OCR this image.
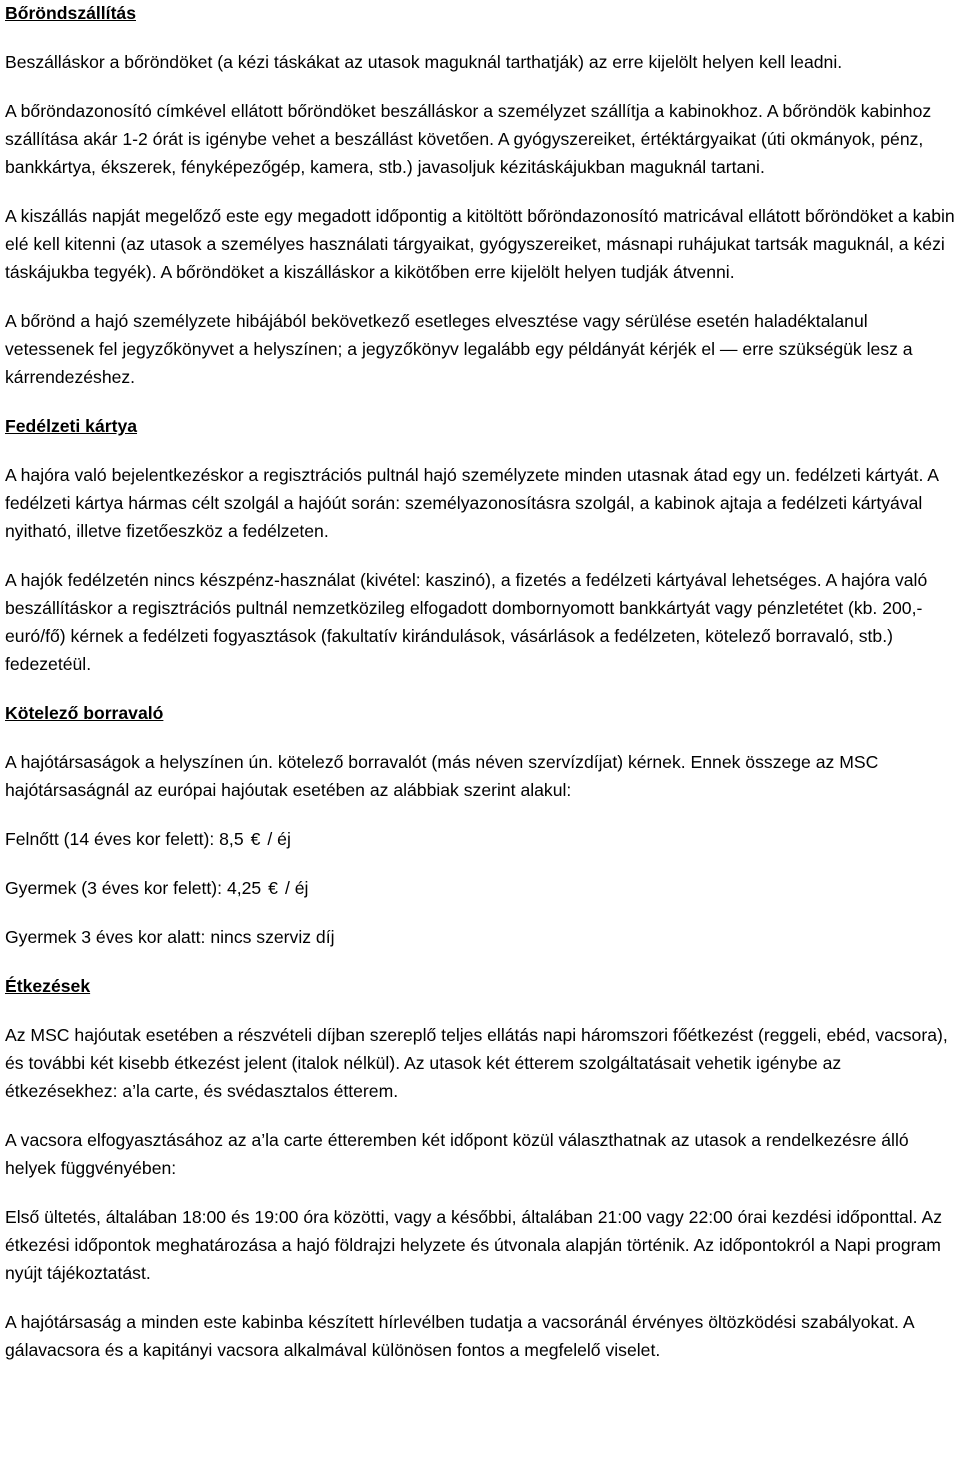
Bőröndszállítás

Beszálláskor a bőröndöket (a kézi táskákat az utasok maguknál tarthatják) az erre kijelölt helyen kell leadni.

A bőröndazonosító címkével ellátott bőröndöket beszálláskor a személyzet szállítja a kabinokhoz. A bőröndök kabinhoz szállítása akár 1-2 órát is igénybe vehet a beszállást követően. A gyógyszereiket, értéktárgyaikat (úti okmányok, pénz, bankkártya, ékszerek, fényképezőgép, kamera, stb.) javasoljuk kézitáskájukban maguknál tartani.

A kiszállás napját megelőző este egy megadott időpontig a kitöltött bőröndazonosító matricával ellátott bőröndöket a kabin elé kell kitenni (az utasok a személyes használati tárgyaikat, gyógyszereiket, másnapi ruhájukat tartsák maguknál, a kézi táskájukba tegyék). A bőröndöket a kiszálláskor a kikötőben erre kijelölt helyen tudják átvenni.

A bőrönd a hajó személyzete hibájából bekövetkező esetleges elvesztése vagy sérülése esetén haladéktalanul vetessenek fel jegyzőkönyvet a helyszínen; a jegyzőkönyv legalább egy példányát kérjék el — erre szükségük lesz a kárrendezéshez.

Fedélzeti kártya

A hajóra való bejelentkezéskor a regisztrációs pultnál hajó személyzete minden utasnak átad egy un. fedélzeti kártyát. A fedélzeti kártya hármas célt szolgál a hajóút során: személyazonosításra szolgál, a kabinok ajtaja a fedélzeti kártyával nyitható, illetve fizetőeszköz a fedélzeten.

A hajók fedélzetén nincs készpénz-használat (kivétel: kaszinó), a fizetés a fedélzeti kártyával lehetséges. A hajóra való beszállításkor a regisztrációs pultnál nemzetközileg elfogadott dombornyomott bankkártyát vagy pénzletétet (kb. 200,- euró/fő) kérnek a fedélzeti fogyasztások (fakultatív kirándulások, vásárlások a fedélzeten, kötelező borravaló, stb.) fedezetéül.

Kötelező borravaló

A hajótársaságok a helyszínen ún. kötelező borravalót (más néven szervízdíjat) kérnek. Ennek összege az MSC hajótársaságnál az európai hajóutak esetében az alábbiak szerint alakul:

Felnőtt (14 éves kor felett): 8,5 € / éj

Gyermek (3 éves kor felett): 4,25 € / éj

Gyermek 3 éves kor alatt: nincs szerviz díj

Étkezések

Az MSC hajóutak esetében a részvételi díjban szereplő teljes ellátás napi háromszori főétkezést (reggeli, ebéd, vacsora), és további két kisebb étkezést jelent (italok nélkül). Az utasok két étterem szolgáltatásait vehetik igénybe az étkezésekhez: a’la carte, és svédasztalos étterem.

A vacsora elfogyasztásához az a’la carte étteremben két időpont közül választhatnak az utasok a rendelkezésre álló helyek függvényében:

Első ültetés, általában 18:00 és 19:00 óra közötti, vagy a későbbi, általában 21:00 vagy 22:00 órai kezdési időponttal. Az étkezési időpontok meghatározása a hajó földrajzi helyzete és útvonala alapján történik. Az időpontokról a Napi program nyújt tájékoztatást.

A hajótársaság a minden este kabinba készített hírlevélben tudatja a vacsoránál érvényes öltözködési szabályokat. A gálavacsora és a kapitányi vacsora alkalmával különösen fontos a megfelelő viselet.
